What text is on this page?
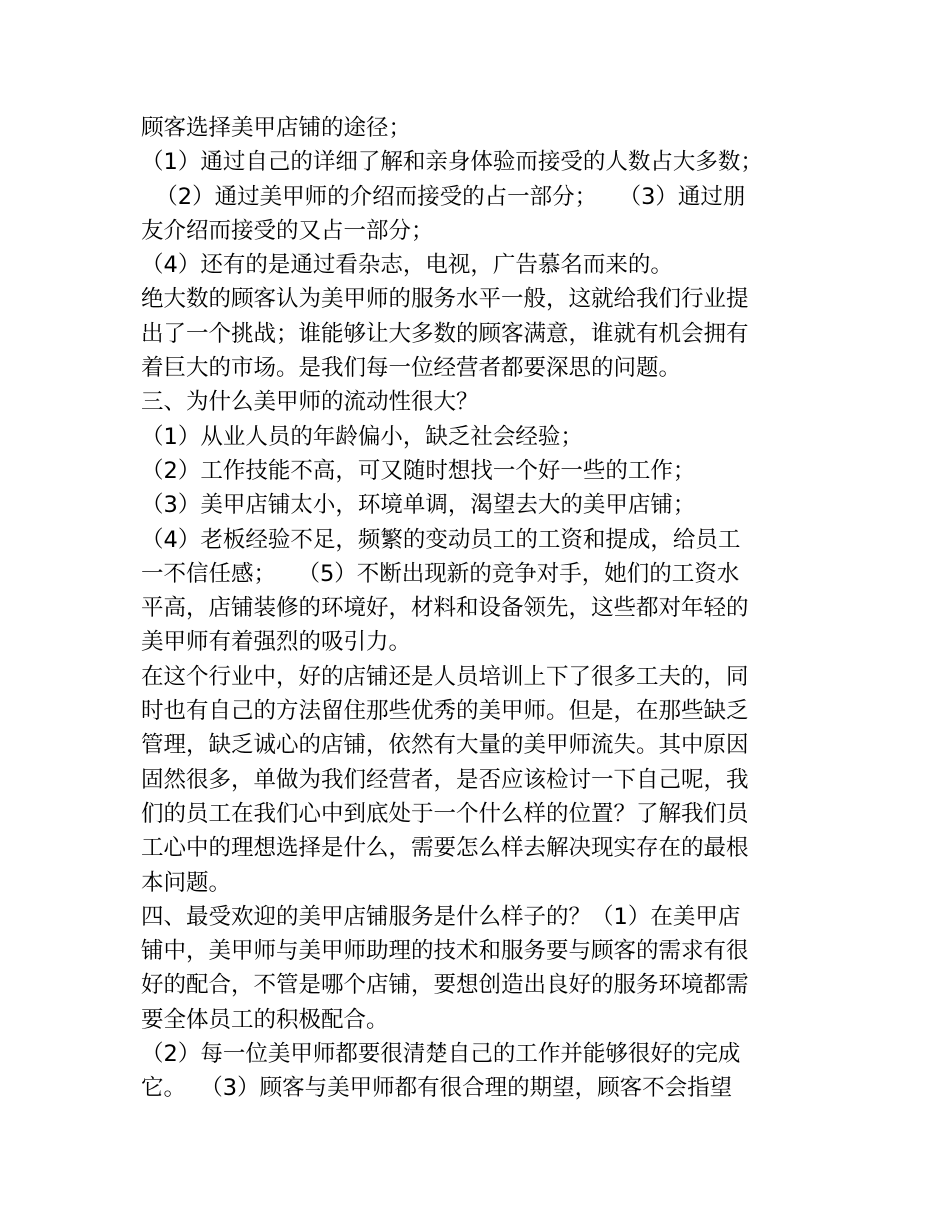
顾客选择美甲店铺的途径；
（1）通过自己的详细了解和亲身体验而接受的人数占大多数；
（2）通过美甲师的介绍而接受的占一部分；   （3）通过朋
友介绍而接受的又占一部分；
（4）还有的是通过看杂志，电视，广告慕名而来的。
绝大数的顾客认为美甲师的服务水平一般，这就给我们行业提
出了一个挑战；谁能够让大多数的顾客满意，谁就有机会拥有
着巨大的市场。是我们每一位经营者都要深思的问题。
三、为什么美甲师的流动性很大？
（1）从业人员的年龄偏小，缺乏社会经验；
（2）工作技能不高，可又随时想找一个好一些的工作；
（3）美甲店铺太小，环境单调，渴望去大的美甲店铺；
（4）老板经验不足，频繁的变动员工的工资和提成，给员工
一不信任感；   （5）不断出现新的竞争对手，她们的工资水
平高，店铺装修的环境好，材料和设备领先，这些都对年轻的
美甲师有着强烈的吸引力。
在这个行业中，好的店铺还是人员培训上下了很多工夫的，同
时也有自己的方法留住那些优秀的美甲师。但是，在那些缺乏
管理，缺乏诚心的店铺，依然有大量的美甲师流失。其中原因
固然很多，单做为我们经营者，是否应该检讨一下自己呢，我
们的员工在我们心中到底处于一个什么样的位置？了解我们员
工心中的理想选择是什么，需要怎么样去解决现实存在的最根
本问题。
四、最受欢迎的美甲店铺服务是什么样子的？（1）在美甲店
铺中，美甲师与美甲师助理的技术和服务要与顾客的需求有很
好的配合，不管是哪个店铺，要想创造出良好的服务环境都需
要全体员工的积极配合。
（2）每一位美甲师都要很清楚自己的工作并能够很好的完成
它。  （3）顾客与美甲师都有很合理的期望，顾客不会指望
